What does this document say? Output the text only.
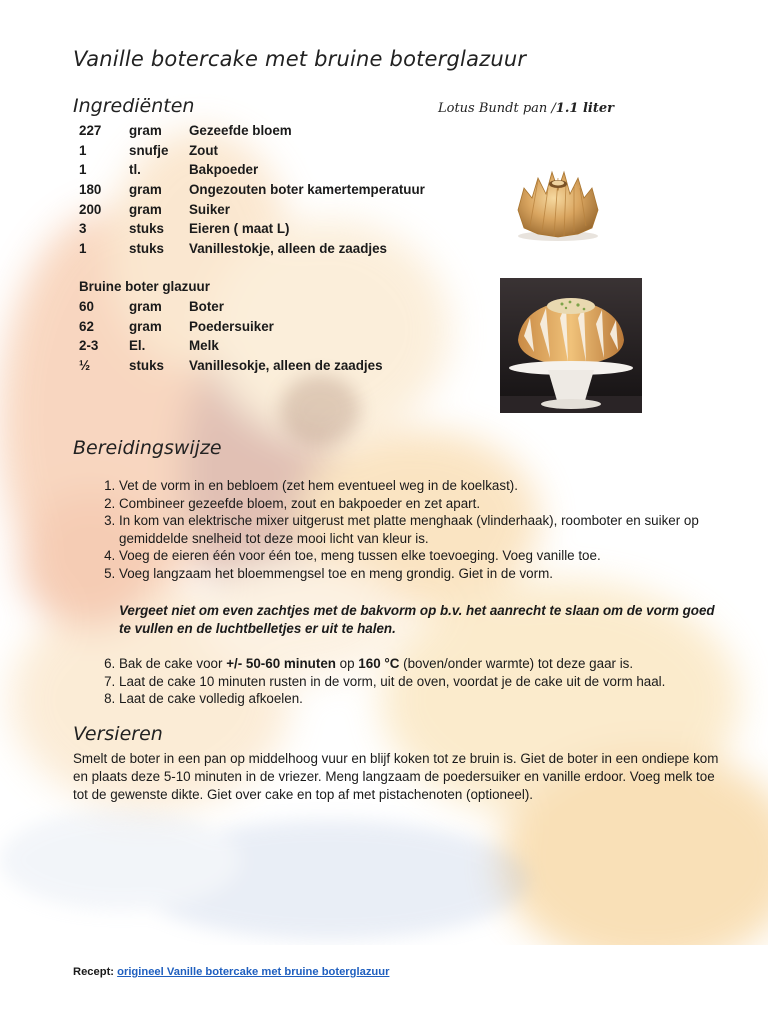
Vanille botercake met bruine boterglazuur
Ingrediënten	Lotus Bundt pan /1.1 liter
227	gram	Gezeefde bloem
1	snufje	Zout
1	tl.	Bakpoeder
180	gram	Ongezouten boter kamertemperatuur
200	gram	Suiker
3	stuks	Eieren ( maat L)
1	stuks	Vanillestokje, alleen de zaadjes
Bruine boter glazuur
60	gram	Boter
62	gram	Poedersuiker
2-3	El.	Melk
½	stuks	Vanillesokje, alleen de zaadjes
Bereidingswijze
1. Vet de vorm in en bebloem (zet hem eventueel weg in de koelkast).
2. Combineer gezeefde bloem, zout en bakpoeder en zet apart.
3. In kom van elektrische mixer uitgerust met platte menghaak (vlinderhaak), roomboter en suiker op gemiddelde snelheid tot deze mooi licht van kleur is.
4. Voeg de eieren één voor één toe, meng tussen elke toevoeging. Voeg vanille toe.
5. Voeg langzaam het bloemmengsel toe en meng grondig. Giet in de vorm.
Vergeet niet om even zachtjes met de bakvorm op b.v. het aanrecht te slaan om de vorm goed te vullen en de luchtbelletjes er uit te halen.
6. Bak de cake voor +/- 50-60 minuten op 160 °C (boven/onder warmte) tot deze gaar is.
7. Laat de cake 10 minuten rusten in de vorm, uit de oven, voordat je de cake uit de vorm haal.
8. Laat de cake volledig afkoelen.
Versieren
Smelt de boter in een pan op middelhoog vuur en blijf koken tot ze bruin is. Giet de boter in een ondiepe kom en plaats deze 5-10 minuten in de vriezer. Meng langzaam de poedersuiker en vanille erdoor. Voeg melk toe tot de gewenste dikte. Giet over cake en top af met pistachenoten (optioneel).
Recept: origineel Vanille botercake met bruine boterglazuur
